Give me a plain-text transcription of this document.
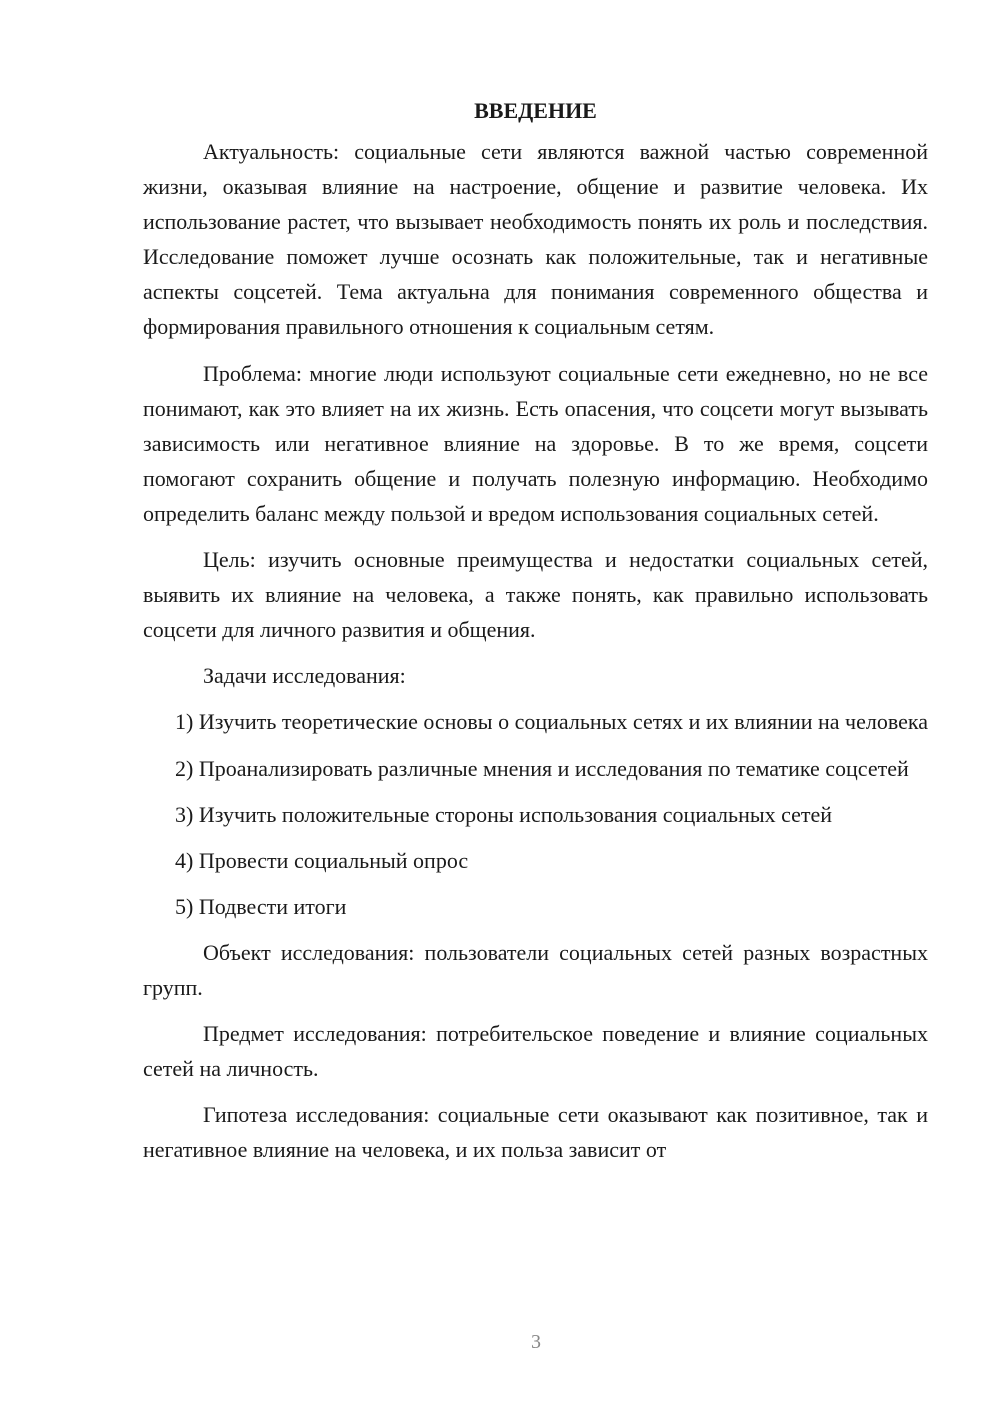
ВВЕДЕНИЕ

Актуальность: социальные сети являются важной частью современной жизни, оказывая влияние на настроение, общение и развитие человека. Их использование растет, что вызывает необходимость понять их роль и последствия. Исследование поможет лучше осознать как положительные, так и негативные аспекты соцсетей. Тема актуальна для понимания современного общества и формирования правильного отношения к социальным сетям.

Проблема: многие люди используют социальные сети ежедневно, но не все понимают, как это влияет на их жизнь. Есть опасения, что соцсети могут вызывать зависимость или негативное влияние на здоровье. В то же время, соцсети помогают сохранить общение и получать полезную информацию. Необходимо определить баланс между пользой и вредом использования социальных сетей.

Цель: изучить основные преимущества и недостатки социальных сетей, выявить их влияние на человека, а также понять, как правильно использовать соцсети для личного развития и общения.

Задачи исследования:

1) Изучить теоретические основы о социальных сетях и их влиянии на человека

2) Проанализировать различные мнения и исследования по тематике соцсетей

3) Изучить положительные стороны использования социальных сетей

4) Провести социальный опрос

5) Подвести итоги

Объект исследования: пользователи социальных сетей разных возрастных групп.

Предмет исследования: потребительское поведение и влияние социальных сетей на личность.

Гипотеза исследования: социальные сети оказывают как позитивное, так и негативное влияние на человека, и их польза зависит от

3
